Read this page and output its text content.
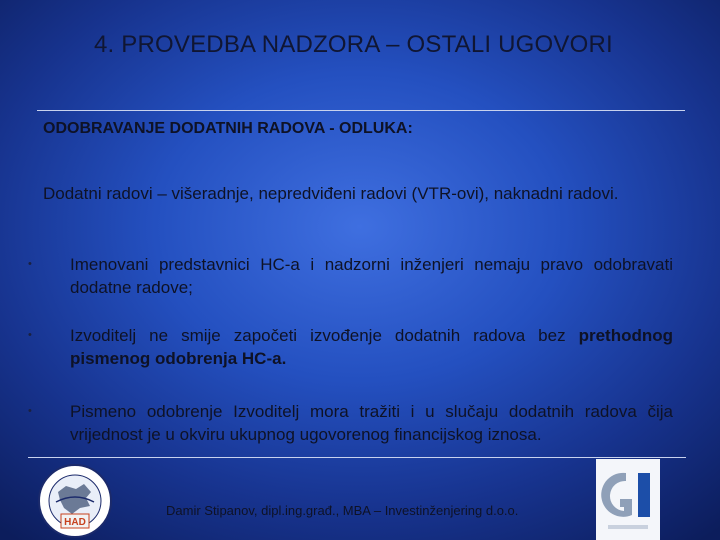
4. PROVEDBA NADZORA – OSTALI UGOVORI
ODOBRAVANJE DODATNIH RADOVA - ODLUKA:
Dodatni radovi – višeradnje, nepredviđeni radovi (VTR-ovi), naknadni radovi.
• Imenovani predstavnici HC-a i nadzorni inženjeri nemaju pravo odobravati dodatne radove;
• Izvoditelj ne smije započeti izvođenje dodatnih radova bez prethodnog pismenog odobrenja HC-a.
• Pismeno odobrenje Izvoditelj mora tražiti i u slučaju dodatnih radova čija vrijednost je u okviru ukupnog ugovorenog financijskog iznosa.
HAD
Damir Stipanov, dipl.ing.građ., MBA – Investinženjering d.o.o.
